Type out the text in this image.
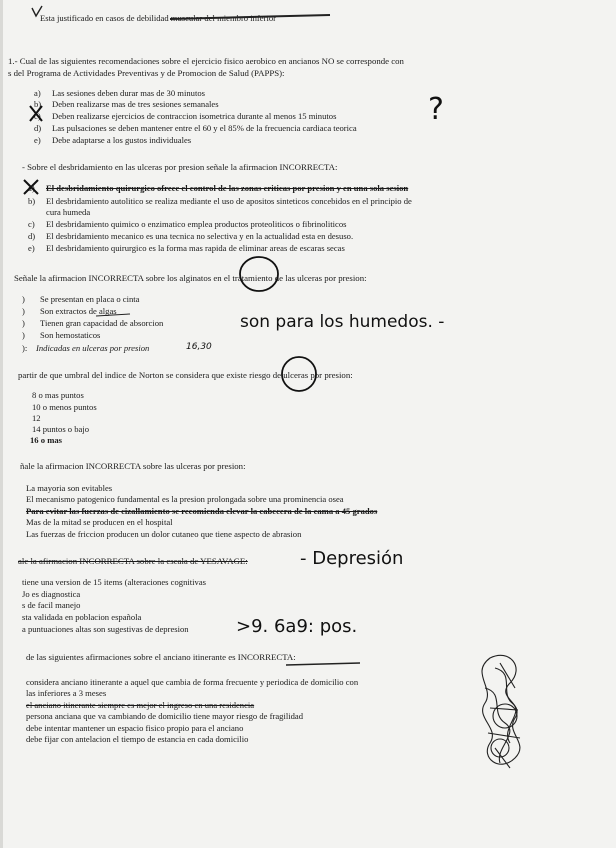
Esta justificado en casos de debilidad muscular del miembro inferior
1.- Cual de las siguientes recomendaciones sobre el ejercicio fisico aerobico en ancianos NO se corresponde con
s del Programa de Actividades Preventivas y de Promocion de Salud (PAPPS):
a) Las sesiones deben durar mas de 30 minutos
b) Deben realizarse mas de tres sesiones semanales
c) Deben realizarse ejercicios de contraccion isometrica durante al menos 15 minutos
d) Las pulsaciones se deben mantener entre el 60 y el 85% de la frecuencia cardiaca teorica
e) Debe adaptarse a los gustos individuales
?
- Sobre el desbridamiento en las ulceras por presion señale la afirmacion INCORRECTA:
a) El desbridamiento quirurgico ofrece el control de las zonas criticas por presion y en una sola sesion
b) El desbridamiento autolitico se realiza mediante el uso de apositos sinteticos concebidos en el principio de
cura humeda
c) El desbridamiento quimico o enzimatico emplea productos proteoliticos o fibrinoliticos
d) El desbridamiento mecanico es una tecnica no selectiva y en la actualidad esta en desuso.
e) El desbridamiento quirurgico es la forma mas rapida de eliminar areas de escaras secas
Señale la afirmacion INCORRECTA sobre los alginatos en el tratamiento de las ulceras por presion:
) Se presentan en placa o cinta
) Son extractos de algas
) Tienen gran capacidad de absorcion
) Son hemostaticos
): Indicadas en ulceras por presion	16,30
son para los humedos. -
partir de que umbral del indice de Norton se considera que existe riesgo de ulceras por presion:
8 o mas puntos
10 o menos puntos
12
14 puntos o bajo
16 o mas
ñale la afirmacion INCORRECTA sobre las ulceras por presion:
La mayoria son evitables
El mecanismo patogenico fundamental es la presion prolongada sobre una prominencia osea
Para evitar las fuerzas de cizallamiento se recomienda elevar la cabecera de la cama a 45 grados
Mas de la mitad se producen en el hospital
Las fuerzas de friccion producen un dolor cutaneo que tiene aspecto de abrasion
ale la afirmacion INCORRECTA sobre la escala de YESAVAGE:	- Depresión
tiene una version de 15 items (alteraciones cognitivas
Jo es diagnostica
s de facil manejo
sta validada en poblacion española
a puntuaciones altas son sugestivas de depresion	>9. 6a9: pos.
de las siguientes afirmaciones sobre el anciano itinerante es INCORRECTA:
considera anciano itinerante a aquel que cambia de forma frecuente y periodica de domicilio con
las inferiores a 3 meses
el anciano itinerante siempre es mejor el ingreso en una residencia
persona anciana que va cambiando de domicilio tiene mayor riesgo de fragilidad
debe intentar mantener un espacio fisico propio para el anciano
debe fijar con antelacion el tiempo de estancia en cada domicilio
